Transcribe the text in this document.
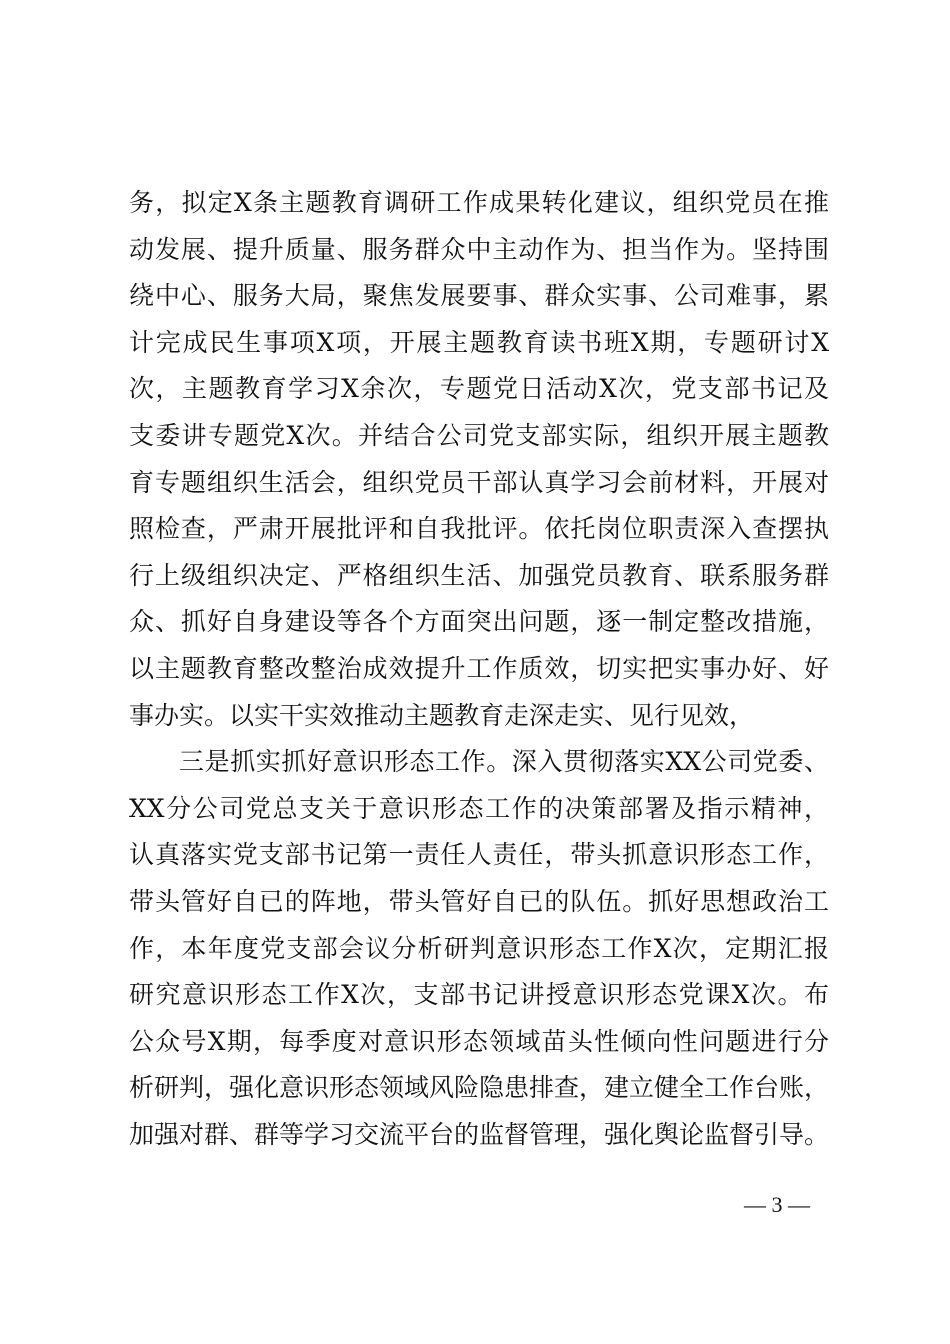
务，拟定X条主题教育调研工作成果转化建议，组织党员在推
动发展、提升质量、服务群众中主动作为、担当作为。坚持围
绕中心、服务大局，聚焦发展要事、群众实事、公司难事，累
计完成民生事项X项，开展主题教育读书班X期，专题研讨X
次，主题教育学习X余次，专题党日活动X次，党支部书记及
支委讲专题党X次。并结合公司党支部实际，组织开展主题教
育专题组织生活会，组织党员干部认真学习会前材料，开展对
照检查，严肃开展批评和自我批评。依托岗位职责深入查摆执
行上级组织决定、严格组织生活、加强党员教育、联系服务群
众、抓好自身建设等各个方面突出问题，逐一制定整改措施，
以主题教育整改整治成效提升工作质效，切实把实事办好、好
事办实。以实干实效推动主题教育走深走实、见行见效，
三是抓实抓好意识形态工作。深入贯彻落实XX公司党委、
XX分公司党总支关于意识形态工作的决策部署及指示精神，
认真落实党支部书记第一责任人责任，带头抓意识形态工作，
带头管好自已的阵地，带头管好自已的队伍。抓好思想政治工
作，本年度党支部会议分析研判意识形态工作X次，定期汇报
研究意识形态工作X次，支部书记讲授意识形态党课X次。布
公众号X期，每季度对意识形态领域苗头性倾向性问题进行分
析研判，强化意识形态领域风险隐患排查，建立健全工作台账，
加强对群、群等学习交流平台的监督管理，强化舆论监督引导。
— 3 —
